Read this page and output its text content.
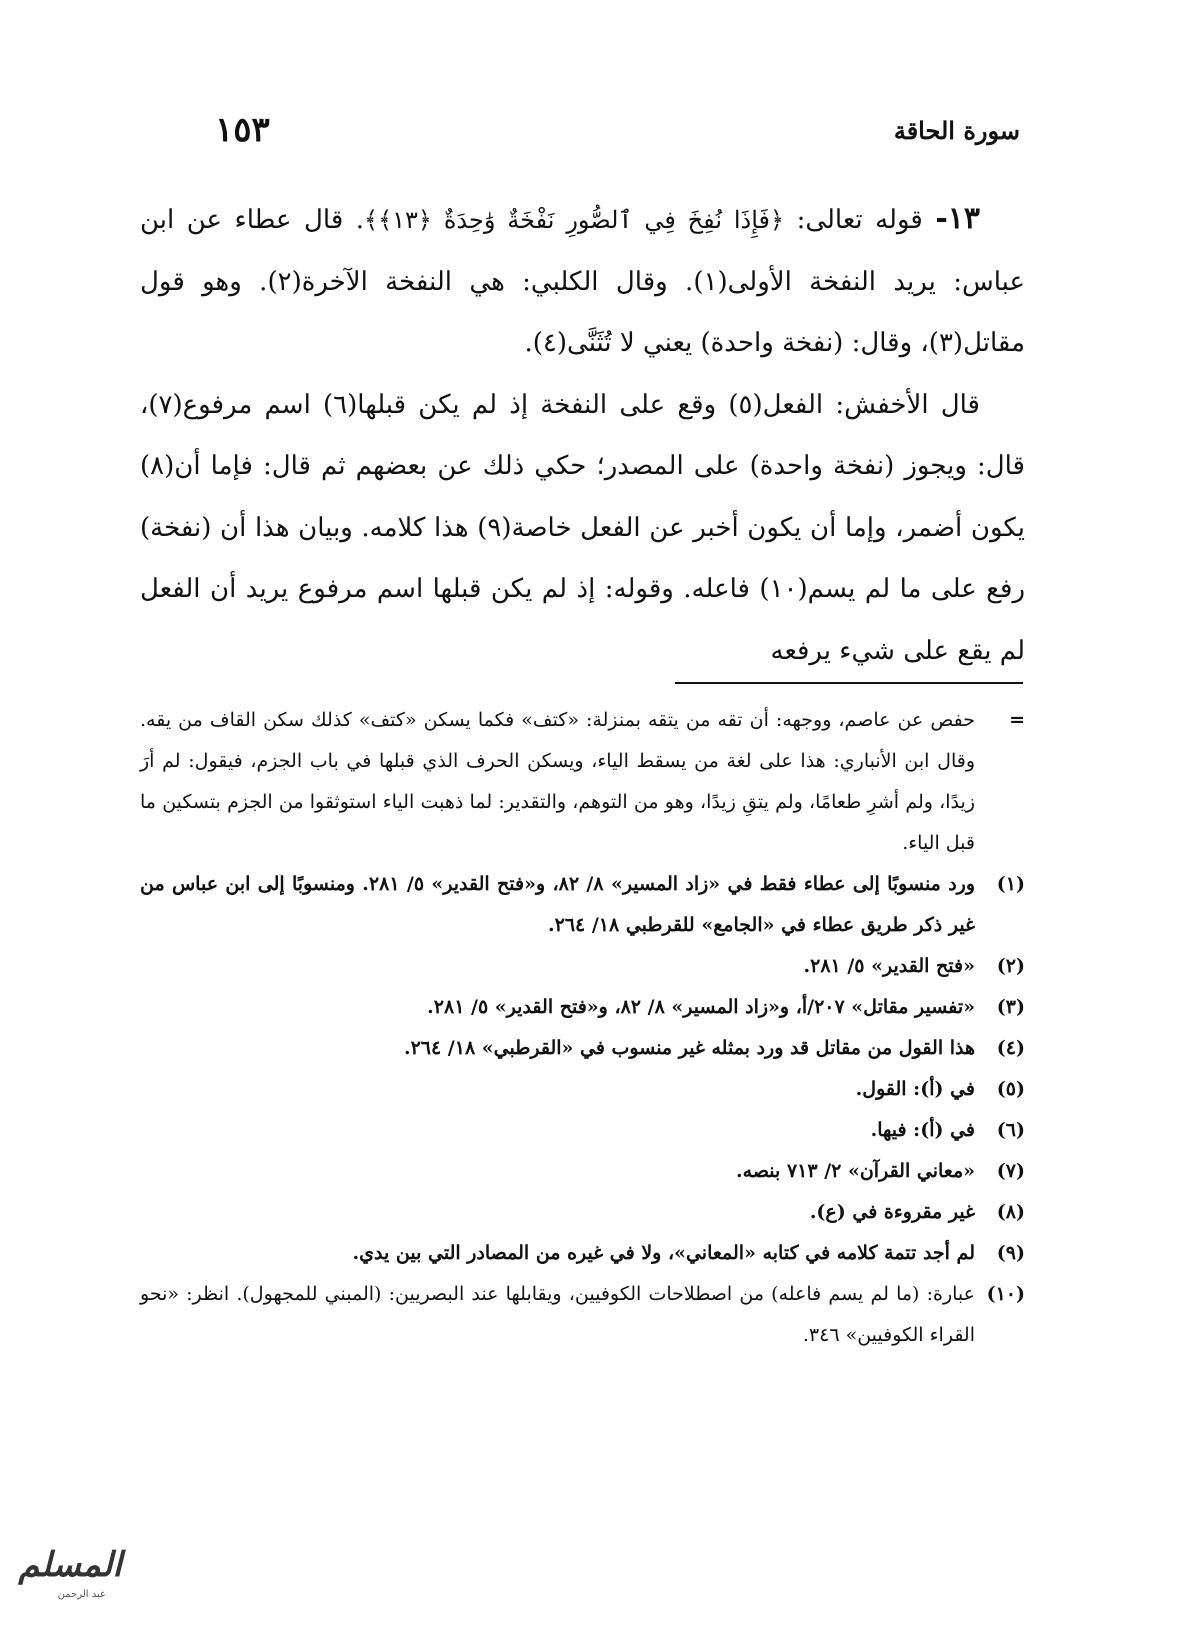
١٥٣	سورة الحاقة

١٣- قوله تعالى: ﴿فَإِذَا نُفِخَ فِي ٱلصُّورِ نَفْخَةٌ وَٰحِدَةٌ ﴿١٣﴾﴾. قال عطاء عن ابن عباس: يريد النفخة الأولى(١). وقال الكلبي: هي النفخة الآخرة(٢). وهو قول مقاتل(٣)، وقال: (نفخة واحدة) يعني لا تُثَنَّى(٤).

قال الأخفش: الفعل(٥) وقع على النفخة إذ لم يكن قبلها(٦) اسم مرفوع(٧)، قال: ويجوز (نفخة واحدة) على المصدر؛ حكي ذلك عن بعضهم ثم قال: فإما أن(٨) يكون أضمر، وإما أن يكون أخبر عن الفعل خاصة(٩) هذا كلامه. وبيان هذا أن (نفخة) رفع على ما لم يسم(١٠) فاعله. وقوله: إذ لم يكن قبلها اسم مرفوع يريد أن الفعل لم يقع على شيء يرفعه

=
حفص عن عاصم، ووجهه: أن تقه من يتقه بمنزلة: «كتف» فكما يسكن «كتف» كذلك سكن القاف من يقه. وقال ابن الأنباري: هذا على لغة من يسقط الياء، ويسكن الحرف الذي قبلها في باب الجزم، فيقول: لم أرَ زيدًا، ولم أشرِ طعامًا، ولم يتقِ زيدًا، وهو من التوهم، والتقدير: لما ذهبت الياء استوثقوا من الجزم بتسكين ما قبل الياء.
(١)
ورد منسوبًا إلى عطاء فقط في «زاد المسير» ٨/ ٨٢، و«فتح القدير» ٥/ ٢٨١. ومنسوبًا إلى ابن عباس من غير ذكر طريق عطاء في «الجامع» للقرطبي ١٨/ ٢٦٤.
(٢)
«فتح القدير» ٥/ ٢٨١.
(٣)
«تفسير مقاتل» ٢٠٧/أ، و«زاد المسير» ٨/ ٨٢، و«فتح القدير» ٥/ ٢٨١.
(٤)
هذا القول من مقاتل قد ورد بمثله غير منسوب في «القرطبي» ١٨/ ٢٦٤.
(٥)
في (أ): القول.
(٦)
في (أ): فيها.
(٧)
«معاني القرآن» ٢/ ٧١٣ بنصه.
(٨)
غير مقروءة في (ع).
(٩)
لم أجد تتمة كلامه في كتابه «المعاني»، ولا في غيره من المصادر التي بين يدي.
(١٠)
عبارة: (ما لم يسم فاعله) من اصطلاحات الكوفيين، ويقابلها عند البصريين: (المبني للمجهول). انظر: «نحو القراء الكوفيين» ٣٤٦.
المسلم
عبد الرحمن
